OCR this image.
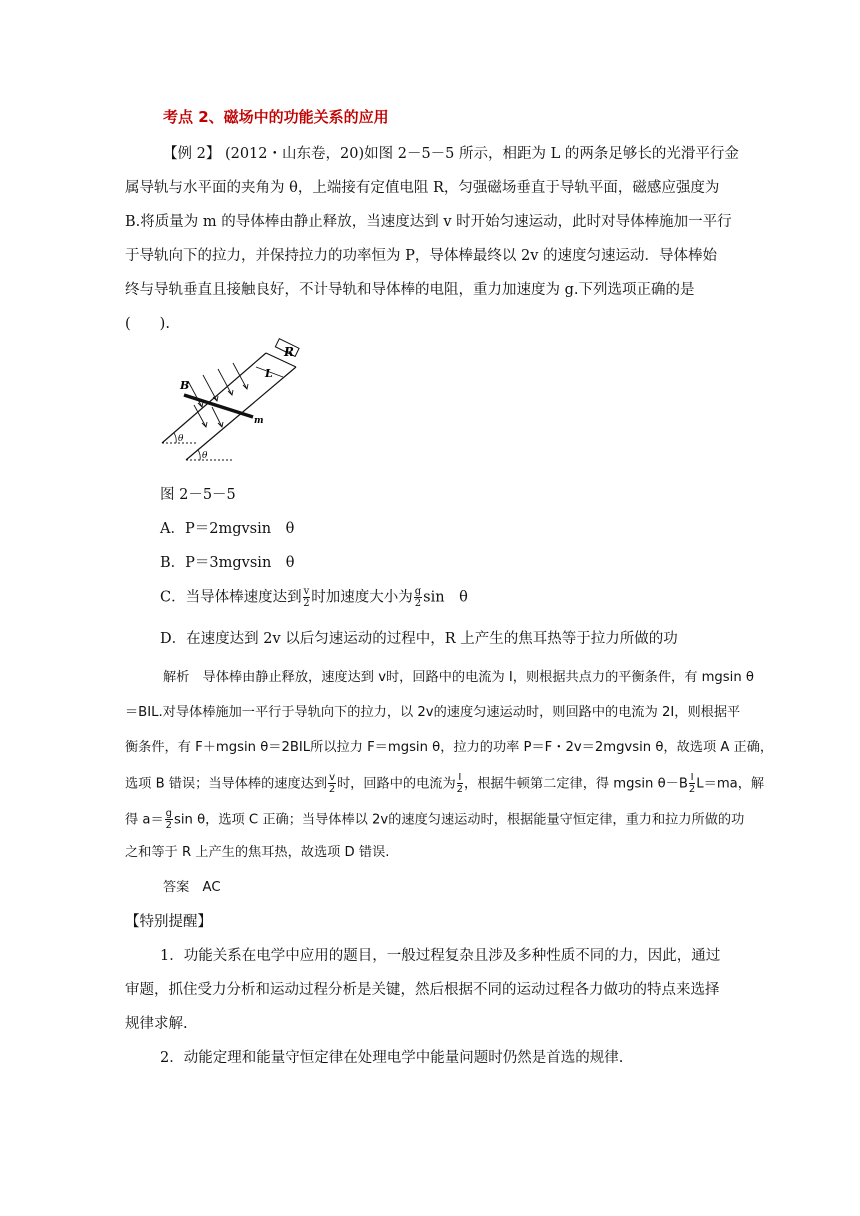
考点 2、磁场中的功能关系的应用
【例 2】 (2012・山东卷，20)如图 2－5－5 所示，相距为 L 的两条足够长的光滑平行金
属导轨与水平面的夹角为 θ，上端接有定值电阻 R，匀强磁场垂直于导轨平面，磁感应强度为
B.将质量为 m 的导体棒由静止释放，当速度达到 v 时开始匀速运动，此时对导体棒施加一平行
于导轨向下的拉力，并保持拉力的功率恒为 P，导体棒最终以 2v 的速度匀速运动．导体棒始
终与导轨垂直且接触良好，不计导轨和导体棒的电阻，重力加速度为 g.下列选项正确的是
(　　).
B
m
L
θ
θ
R
图 2－5－5
A．P＝2mgvsin　θ
B．P＝3mgvsin　θ
C．当导体棒速度达到 $\frac{v}{2}$ 时加速度大小为 $\frac{g}{2}$ sin　θ
D．在速度达到 2v 以后匀速运动的过程中，R 上产生的焦耳热等于拉力所做的功
解析　导体棒由静止释放，速度达到 v时，回路中的电流为 I，则根据共点力的平衡条件，有 mgsin θ
＝BIL.对导体棒施加一平行于导轨向下的拉力，以 2v的速度匀速运动时，则回路中的电流为 2I，则根据平
衡条件，有 F＋mgsin θ＝2BIL所以拉力 F＝mgsin θ，拉力的功率 P＝F・2v＝2mgvsin θ，故选项 A 正确，
选项 B 错误；当导体棒的速度达到 $\frac{v}{2}$ 时，回路中的电流为 $\frac{I}{2}$ ，根据牛顿第二定律，得 mgsin $\theta-B \frac{I}{2} L=ma$，解
得 $a= \frac{g}{2}$ sin θ，选项 C 正确；当导体棒以 2v的速度匀速运动时，根据能量守恒定律，重力和拉力所做的功
之和等于 R 上产生的焦耳热，故选项 D 错误.
答案　AC
【特别提醒】
1．功能关系在电学中应用的题目，一般过程复杂且涉及多种性质不同的力，因此，通过
审题，抓住受力分析和运动过程分析是关键，然后根据不同的运动过程各力做功的特点来选择
规律求解.
2．动能定理和能量守恒定律在处理电学中能量问题时仍然是首选的规律.
